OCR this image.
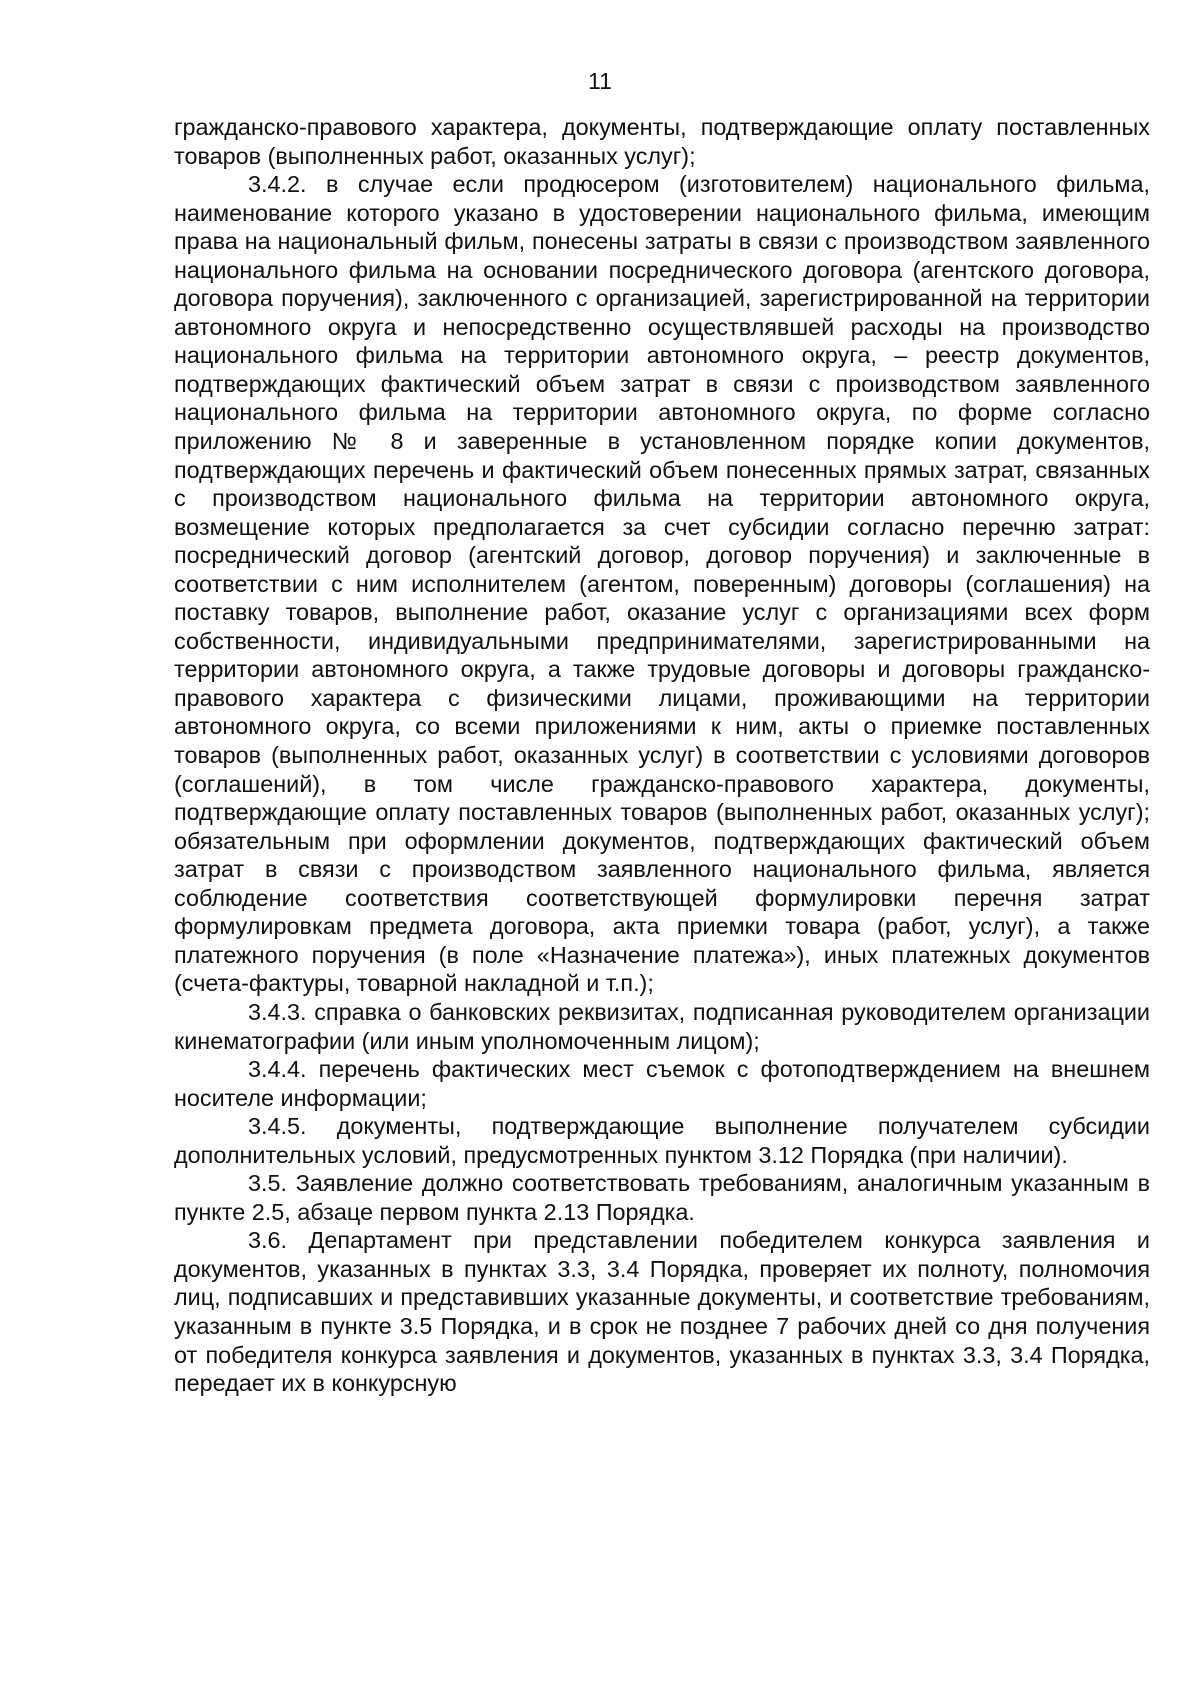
11

гражданско-правового характера, документы, подтверждающие оплату поставленных товаров (выполненных работ, оказанных услуг);

3.4.2. в случае если продюсером (изготовителем) национального фильма, наименование которого указано в удостоверении национального фильма, имеющим права на национальный фильм, понесены затраты в связи с производством заявленного национального фильма на основании посреднического договора (агентского договора, договора поручения), заключенного с организацией, зарегистрированной на территории автономного округа и непосредственно осуществлявшей расходы на производство национального фильма на территории автономного округа, – реестр документов, подтверждающих фактический объем затрат в связи с производством заявленного национального фильма на территории автономного округа, по форме согласно приложению № 8 и заверенные в установленном порядке копии документов, подтверждающих перечень и фактический объем понесенных прямых затрат, связанных с производством национального фильма на территории автономного округа, возмещение которых предполагается за счет субсидии согласно перечню затрат: посреднический договор (агентский договор, договор поручения) и заключенные в соответствии с ним исполнителем (агентом, поверенным) договоры (соглашения) на поставку товаров, выполнение работ, оказание услуг с организациями всех форм собственности, индивидуальными предпринимателями, зарегистрированными на территории автономного округа, а также трудовые договоры и договоры гражданско-правового характера с физическими лицами, проживающими на территории автономного округа, со всеми приложениями к ним, акты о приемке поставленных товаров (выполненных работ, оказанных услуг) в соответствии с условиями договоров (соглашений), в том числе гражданско-правового характера, документы, подтверждающие оплату поставленных товаров (выполненных работ, оказанных услуг); обязательным при оформлении документов, подтверждающих фактический объем затрат в связи с производством заявленного национального фильма, является соблюдение соответствия соответствующей формулировки перечня затрат формулировкам предмета договора, акта приемки товара (работ, услуг), а также платежного поручения (в поле «Назначение платежа»), иных платежных документов (счета-фактуры, товарной накладной и т.п.);

3.4.3. справка о банковских реквизитах, подписанная руководителем организации кинематографии (или иным уполномоченным лицом);

3.4.4. перечень фактических мест съемок с фотоподтверждением на внешнем носителе информации;

3.4.5. документы, подтверждающие выполнение получателем субсидии дополнительных условий, предусмотренных пунктом 3.12 Порядка (при наличии).

3.5. Заявление должно соответствовать требованиям, аналогичным указанным в пункте 2.5, абзаце первом пункта 2.13 Порядка.

3.6. Департамент при представлении победителем конкурса заявления и документов, указанных в пунктах 3.3, 3.4 Порядка, проверяет их полноту, полномочия лиц, подписавших и представивших указанные документы, и соответствие требованиям, указанным в пункте 3.5 Порядка, и в срок не позднее 7 рабочих дней со дня получения от победителя конкурса заявления и документов, указанных в пунктах 3.3, 3.4 Порядка, передает их в конкурсную
